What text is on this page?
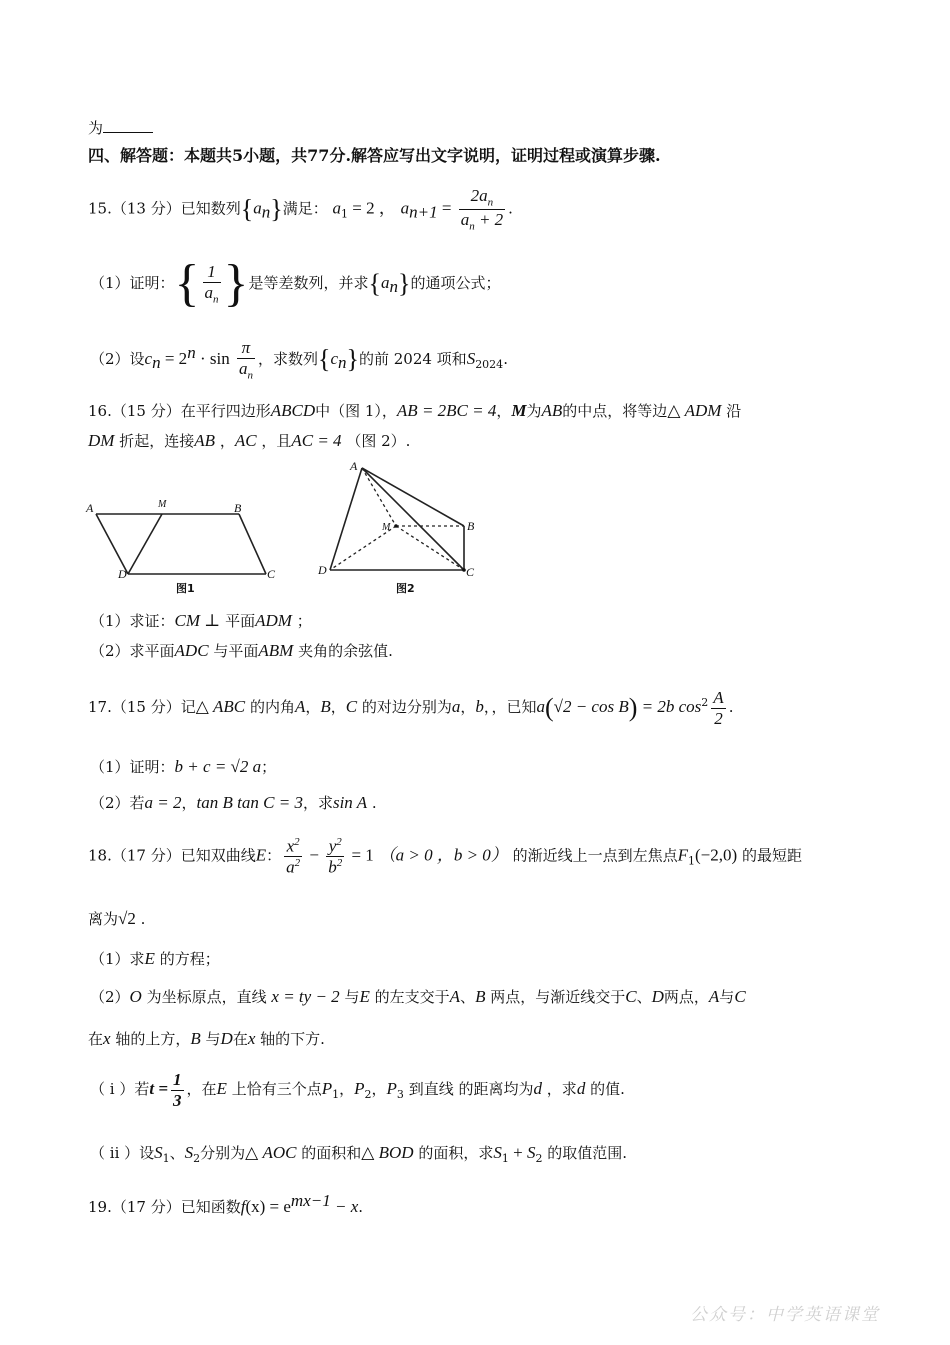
为
四、解答题：本题共5小题，共77分.解答应写出文字说明，证明过程或演算步骤.
15.（13 分）已知数列$\{a_n\}$满足： $a_1 = 2$ ， $a_{n+1} = \frac{2a_n}{a_n + 2}$ .
（1）证明：{ $\frac{1}{a_n}$ }是等差数列，并求$\{a_n\}$的通项公式；
（2）设$c_n = 2^n \cdot \sin \frac{\pi}{a_n}$ ，求数列$\{c_n\}$的前 2024 项和$S_{2024}$.
16.（15 分）在平行四边形ABCD中（图 1），AB = 2BC = 4，M为AB的中点，将等边△ ADM 沿
DM 折起，连接AB ，AC ，且AC = 4 （图 2）.
A	M	B
D	C
图1
A
M	B
D	C
图2
（1）求证：CM ⊥ 平面ADM ；
（2）求平面ADC 与平面ABM 夹角的余弦值.
17.（15 分）记△ ABC 的内角A，B，C 的对边分别为a，b，，已知a(√2 − cos B) = 2b $\cos^2 \frac{A}{2}$ .
（1）证明：b + c = √2 a；
（2）若a = 2，tan B tan C = 3，求sin A .
18.（17 分）已知双曲线E： $\frac{x^2}{a^2} - \frac{y^2}{b^2} = 1$ （a > 0 ，b > 0） 的渐近线上一点到左焦点$F_1(-2,0)$ 的最短距
离为√2 .
（1）求E 的方程；
（2）O 为坐标原点，直线 x = ty − 2 与E 的左支交于A、B 两点，与渐近线交于C、D两点，A与C
在x 轴的上方，B 与D在x 轴的下方.
（ i ）若$t = \frac{1}{3}$ ，在E 上恰有三个点$P_1$，$P_2$，$P_3$ 到直线 的距离均为d ，求d 的值.
（ ii ）设$S_1$、$S_2$分别为△ AOC 的面积和△ BOD 的面积，求$S_1 + S_2$ 的取值范围.
19.（17 分）已知函数$f(x) = e^{mx-1} - x$.
公众号：中学英语课堂
